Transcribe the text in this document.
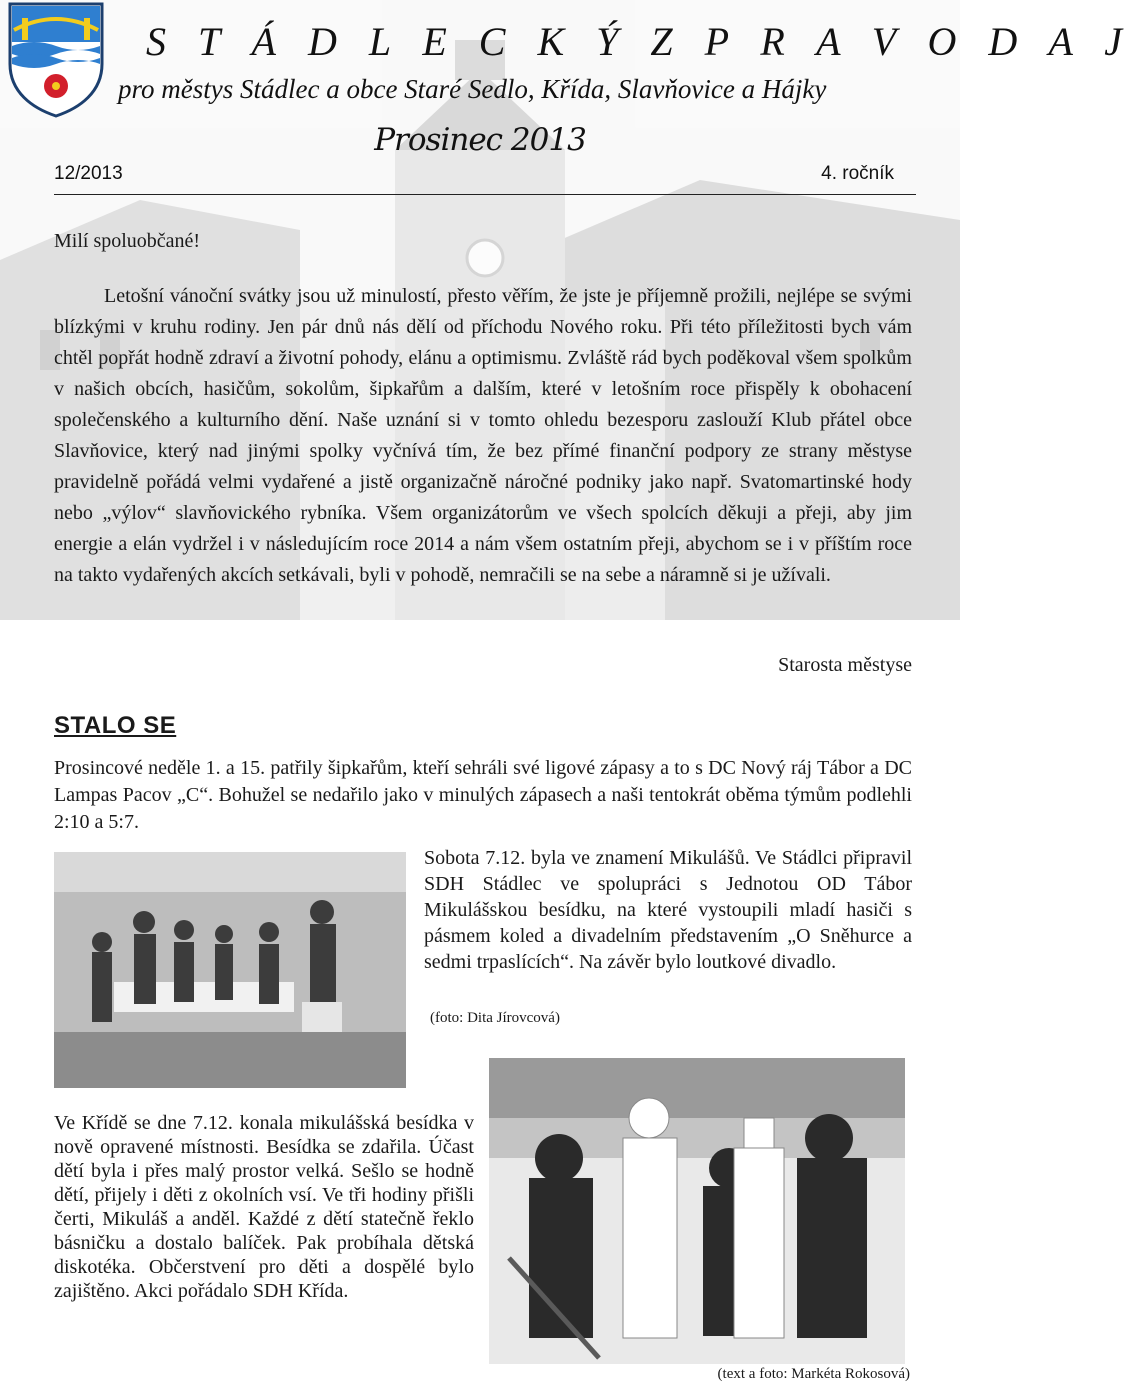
S T Á D L E C K Ý Z P R A V O D A J
pro městys Stádlec a obce Staré Sedlo, Křída, Slavňovice a Hájky
Prosinec 2013
12/2013	4. ročník
Milí spoluobčané!

Letošní vánoční svátky jsou už minulostí, přesto věřím, že jste je příjemně prožili, nejlépe se svými blízkými v kruhu rodiny. Jen pár dnů nás dělí od příchodu Nového roku. Při této příležitosti bych vám chtěl popřát hodně zdraví a životní pohody, elánu a optimismu. Zvláště rád bych poděkoval všem spolkům v našich obcích, hasičům, sokolům, šipkařům a dalším, které v letošním roce přispěly k obohacení společenského a kulturního dění. Naše uznání si v tomto ohledu bezesporu zaslouží Klub přátel obce Slavňovice, který nad jinými spolky vyčnívá tím, že bez přímé finanční podpory ze strany městyse pravidelně pořádá velmi vydařené a jistě organizačně náročné podniky jako např. Svatomartinské hody nebo „výlov“ slavňovického rybníka. Všem organizátorům ve všech spolcích děkuji a přeji, aby jim energie a elán vydržel i v následujícím roce 2014 a nám všem ostatním přeji, abychom se i v příštím roce na takto vydařených akcích setkávali, byli v pohodě, nemračili se na sebe a náramně si je užívali.

Starosta městyse
STALO SE

Prosincové neděle 1. a 15. patřily šipkařům, kteří sehráli své ligové zápasy a to s DC Nový ráj Tábor a DC Lampas Pacov „C“. Bohužel se nedařilo jako v minulých zápasech a naši tentokrát oběma týmům podlehli 2:10 a 5:7.

Sobota 7.12. byla ve znamení Mikulášů. Ve Stádlci připravil SDH Stádlec ve spolupráci s Jednotou OD Tábor Mikulášskou besídku, na které vystoupili mladí hasiči s pásmem koled a divadelním představením „O Sněhurce a sedmi trpaslících“. Na závěr bylo loutkové divadlo.

(foto: Dita Jírovcová)

Ve Křídě se dne 7.12. konala mikulášská besídka v nově opravené místnosti. Besídka se zdařila. Účast dětí byla i přes malý prostor velká. Sešlo se hodně dětí, přijely i děti z okolních vsí. Ve tři hodiny přišli čerti, Mikuláš a anděl. Každé z dětí statečně řeklo básničku a dostalo balíček. Pak probíhala dětská diskotéka. Občerstvení pro děti a dospělé bylo zajištěno. Akci pořádalo SDH Křída.

(text a foto: Markéta Rokosová)
